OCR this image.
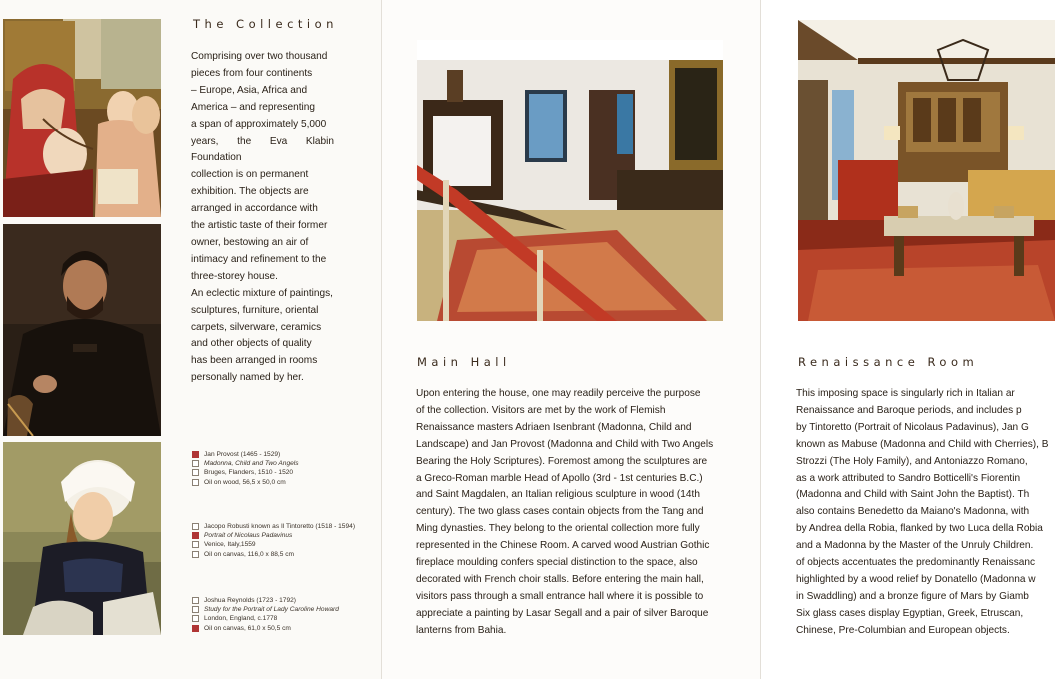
The Collection
Comprising over two thousand
pieces from four continents
– Europe, Asia, Africa and
America – and representing
a span of approximately 5,000
years, the Eva Klabin Foundation
collection is on permanent
exhibition. The objects are
arranged in accordance with
the artistic taste of their former
owner, bestowing an air of
intimacy and refinement to the
three-storey house.
An eclectic mixture of paintings,
sculptures, furniture, oriental
carpets, silverware, ceramics
and other objects of quality
has been arranged in rooms
personally named by her.
Jan Provost (1465 - 1529)
Madonna, Child and Two Angels
Bruges, Flanders, 1510 - 1520
Oil on wood, 56,5 x 50,0 cm
Jacopo Robusti known as Il Tintoretto (1518 - 1594)
Portrait of Nicolaus Padavinus
Venice, Italy,1559
Oil on canvas, 116,0 x 88,5 cm
Joshua Reynolds (1723 - 1792)
Study for the Portrait of Lady Caroline Howard
London, England, c.1778
Oil on canvas, 61,0 x 50,5 cm
Main Hall
Upon entering the house, one may readily perceive the purpose
of the collection. Visitors are met by the work of Flemish
Renaissance masters Adriaen Isenbrant (Madonna, Child and
Landscape) and Jan Provost (Madonna and Child with Two Angels
Bearing the Holy Scriptures). Foremost among the sculptures are
a Greco-Roman marble Head of Apollo (3rd - 1st centuries B.C.)
and Saint Magdalen, an Italian religious sculpture in wood (14th
century). The two glass cases contain objects from the Tang and
Ming dynasties. They belong to the oriental collection more fully
represented in the Chinese Room. A carved wood Austrian Gothic
fireplace moulding confers special distinction to the space, also
decorated with French choir stalls. Before entering the main hall,
visitors pass through a small entrance hall where it is possible to
appreciate a painting by Lasar Segall and a pair of silver Baroque
lanterns from Bahia.
Renaissance Room
This imposing space is singularly rich in Italian ar
Renaissance and Baroque periods, and includes p
by Tintoretto (Portrait of Nicolaus Padavinus), Jan G
known as Mabuse (Madonna and Child with Cherries), B
Strozzi (The Holy Family), and Antoniazzo Romano,
as a work attributed to Sandro Botticelli's Fiorentin
(Madonna and Child with Saint John the Baptist). Th
also contains Benedetto da Maiano's Madonna, with
by Andrea della Robia, flanked by two Luca della Robia
and a Madonna by the Master of the Unruly Children.
of objects accentuates the predominantly Renaissanc
highlighted by a wood relief by Donatello (Madonna w
in Swaddling) and a bronze figure of Mars by Giamb
Six glass cases display Egyptian, Greek, Etruscan,
Chinese, Pre-Columbian and European objects.
